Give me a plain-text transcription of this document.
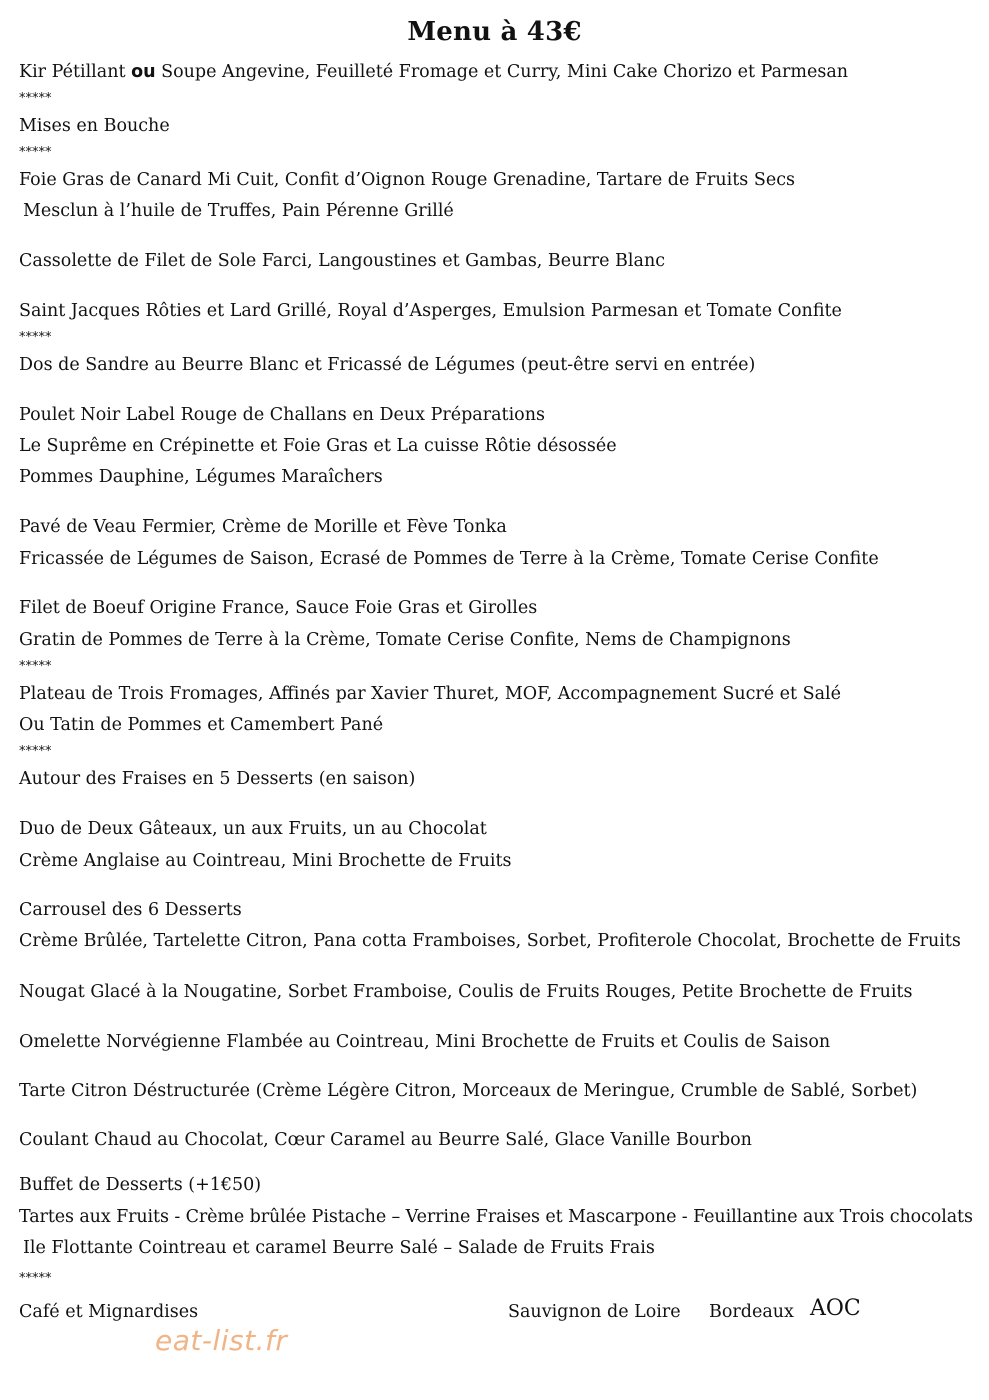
Menu à 43€
Kir Pétillant ou Soupe Angevine, Feuilleté Fromage et Curry, Mini Cake Chorizo et Parmesan
*****
Mises en Bouche
*****
Foie Gras de Canard Mi Cuit, Confit d’Oignon Rouge Grenadine, Tartare de Fruits Secs
Mesclun à l’huile de Truffes, Pain Pérenne Grillé
Cassolette de Filet de Sole Farci, Langoustines et Gambas, Beurre Blanc
Saint Jacques Rôties et Lard Grillé, Royal d’Asperges, Emulsion Parmesan et Tomate Confite
*****
Dos de Sandre au Beurre Blanc et Fricassé de Légumes (peut-être servi en entrée)
Poulet Noir Label Rouge de Challans en Deux Préparations
Le Suprême en Crépinette et Foie Gras et La cuisse Rôtie désossée
Pommes Dauphine, Légumes Maraîchers
Pavé de Veau Fermier, Crème de Morille et Fève Tonka
Fricassée de Légumes de Saison, Ecrasé de Pommes de Terre à la Crème, Tomate Cerise Confite
Filet de Boeuf Origine France, Sauce Foie Gras et Girolles
Gratin de Pommes de Terre à la Crème, Tomate Cerise Confite, Nems de Champignons
*****
Plateau de Trois Fromages, Affinés par Xavier Thuret, MOF, Accompagnement Sucré et Salé
Ou Tatin de Pommes et Camembert Pané
*****
Autour des Fraises en 5 Desserts (en saison)
Duo de Deux Gâteaux, un aux Fruits, un au Chocolat
Crème Anglaise au Cointreau, Mini Brochette de Fruits
Carrousel des 6 Desserts
Crème Brûlée, Tartelette Citron, Pana cotta Framboises, Sorbet, Profiterole Chocolat, Brochette de Fruits
Nougat Glacé à la Nougatine, Sorbet Framboise, Coulis de Fruits Rouges, Petite Brochette de Fruits
Omelette Norvégienne Flambée au Cointreau, Mini Brochette de Fruits et Coulis de Saison
Tarte Citron Déstructurée (Crème Légère Citron, Morceaux de Meringue, Crumble de Sablé, Sorbet)
Coulant Chaud au Chocolat, Cœur Caramel au Beurre Salé, Glace Vanille Bourbon
Buffet de Desserts (+1€50)
Tartes aux Fruits - Crème brûlée Pistache – Verrine Fraises et Mascarpone - Feuillantine aux Trois chocolats
Ile Flottante Cointreau et caramel Beurre Salé – Salade de Fruits Frais
*****
Café et Mignardises	Sauvignon de Loire Bordeaux AOC
eat-list.fr
